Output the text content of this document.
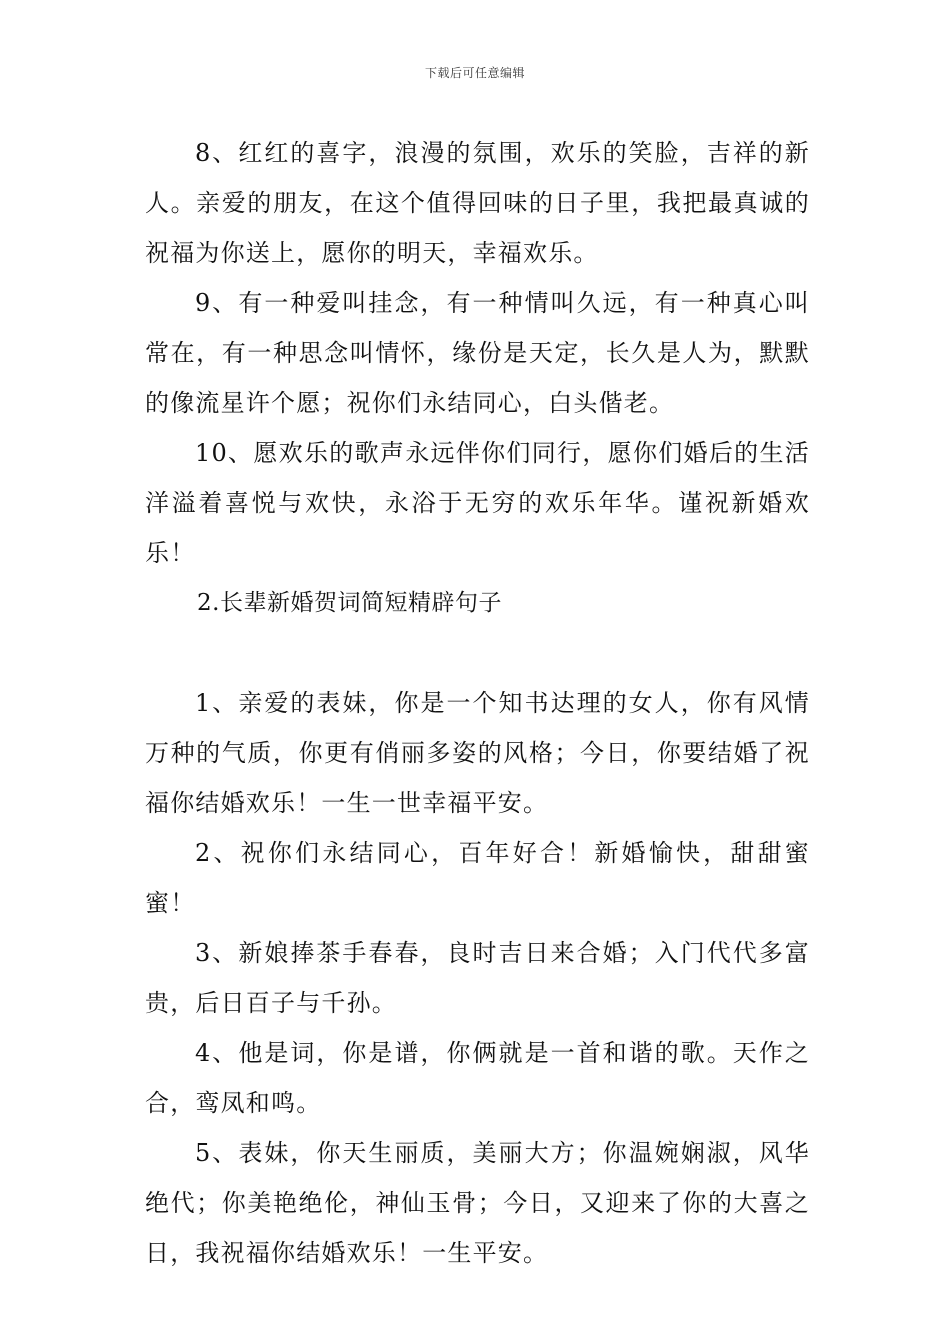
下载后可任意编辑

8、红红的喜字，浪漫的氛围，欢乐的笑脸，吉祥的新人。亲爱的朋友，在这个值得回味的日子里，我把最真诚的祝福为你送上，愿你的明天，幸福欢乐。

9、有一种爱叫挂念，有一种情叫久远，有一种真心叫常在，有一种思念叫情怀，缘份是天定，长久是人为，默默的像流星许个愿；祝你们永结同心，白头偕老。

10、愿欢乐的歌声永远伴你们同行，愿你们婚后的生活洋溢着喜悦与欢快，永浴于无穷的欢乐年华。谨祝新婚欢乐！

2.长辈新婚贺词简短精辟句子

1、亲爱的表妹，你是一个知书达理的女人，你有风情万种的气质，你更有俏丽多姿的风格；今日，你要结婚了祝福你结婚欢乐！一生一世幸福平安。

2、祝你们永结同心，百年好合！新婚愉快，甜甜蜜蜜！

3、新娘捧茶手春春，良时吉日来合婚；入门代代多富贵，后日百子与千孙。

4、他是词，你是谱，你俩就是一首和谐的歌。天作之合，鸾凤和鸣。

5、表妹，你天生丽质，美丽大方；你温婉娴淑，风华绝代；你美艳绝伦，神仙玉骨；今日，又迎来了你的大喜之日，我祝福你结婚欢乐！一生平安。
